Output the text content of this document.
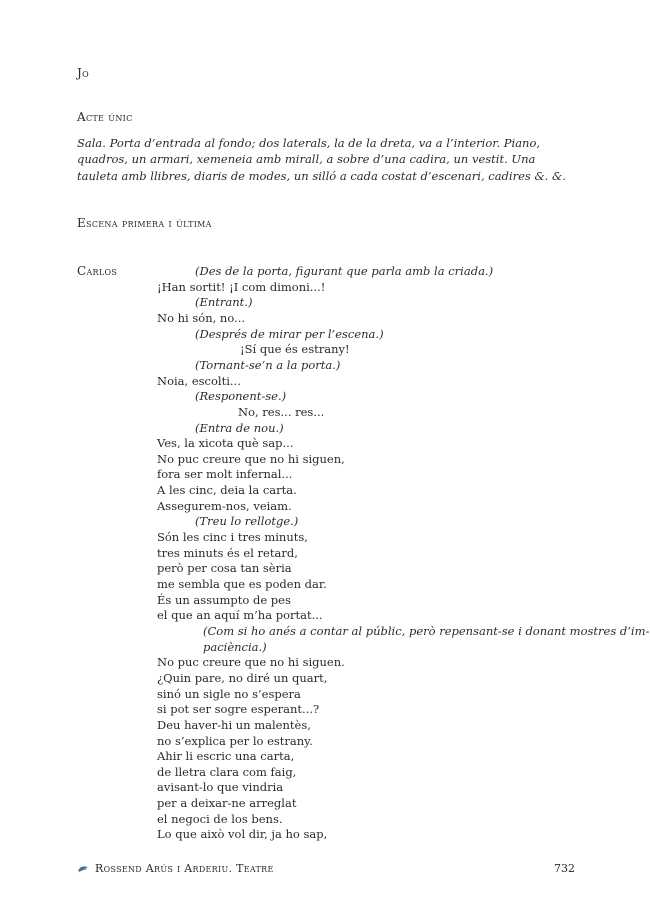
Jo
Acte únic
Sala. Porta d’entrada al fondo; dos laterals, la de la dreta, va a l’interior. Piano, quadros, un armari, xemeneia amb mirall, a sobre d’una cadira, un vestit. Una tauleta amb llibres, diaris de modes, un silló a cada costat d’escenari, cadires &. &.
Escena primera i última
Carlos	(Des de la porta, figurant que parla amb la criada.)
¡Han sortit! ¡I com dimoni...!
(Entrant.)
No hi són, no...
(Després de mirar per l’escena.)
¡Sí que és estrany!
(Tornant-se’n a la porta.)
Noia, escolti...
(Responent-se.)
No, res... res...
(Entra de nou.)
Ves, la xicota què sap...
No puc creure que no hi siguen,
fora ser molt infernal...
A les cinc, deia la carta.
Assegurem-nos, veiam.
(Treu lo rellotge.)
Són les cinc i tres minuts,
tres minuts és el retard,
però per cosa tan sèria
me sembla que es poden dar.
És un assumpto de pes
el que an aquí m’ha portat...
(Com si ho anés a contar al públic, però repensant-se i donant mostres d’im-
paciència.)
No puc creure que no hi siguen.
¿Quin pare, no diré un quart,
sinó un sigle no s’espera
si pot ser sogre esperant...?
Deu haver-hi un malentès,
no s’explica per lo estrany.
Ahir li escric una carta,
de lletra clara com faig,
avisant-lo que vindria
per a deixar-ne arreglat
el negoci de los bens.
Lo que això vol dir, ja ho sap,
Rossend Arús i Arderiu. Teatre	732
